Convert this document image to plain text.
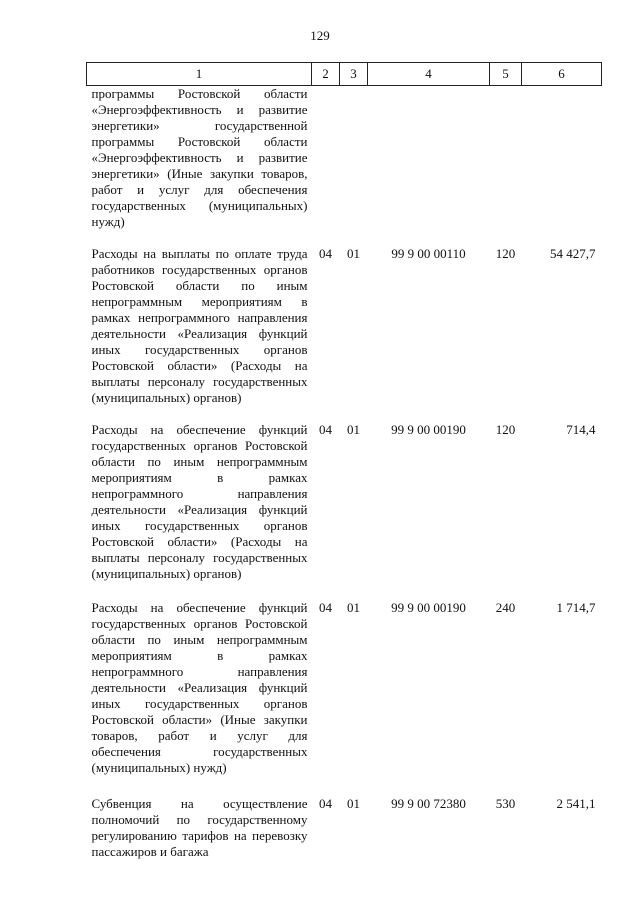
129
1	2	3	4	5	6
программы Ростовской области «Энергоэффективность и развитие энергетики» государственной программы Ростовской области «Энергоэффективность и развитие энергетики» (Иные закупки товаров, работ и услуг для обеспечения государственных (муниципальных) нужд)					
Расходы на выплаты по оплате труда работников государственных органов Ростовской области по иным непрограммным мероприятиям в рамках непрограммного направления деятельности «Реализация функций иных государственных органов Ростовской области» (Расходы на выплаты персоналу государственных (муниципальных) органов)	04	01	99 9 00 00110	120	54 427,7
Расходы на обеспечение функций государственных органов Ростовской области по иным непрограммным мероприятиям в рамках непрограммного направления деятельности «Реализация функций иных государственных органов Ростовской области» (Расходы на выплаты персоналу государственных (муниципальных) органов)	04	01	99 9 00 00190	120	714,4
Расходы на обеспечение функций государственных органов Ростовской области по иным непрограммным мероприятиям в рамках непрограммного направления деятельности «Реализация функций иных государственных органов Ростовской области» (Иные закупки товаров, работ и услуг для обеспечения государственных (муниципальных) нужд)	04	01	99 9 00 00190	240	1 714,7
Субвенция на осуществление полномочий по государственному регулированию тарифов на перевозку пассажиров и багажа	04	01	99 9 00 72380	530	2 541,1
